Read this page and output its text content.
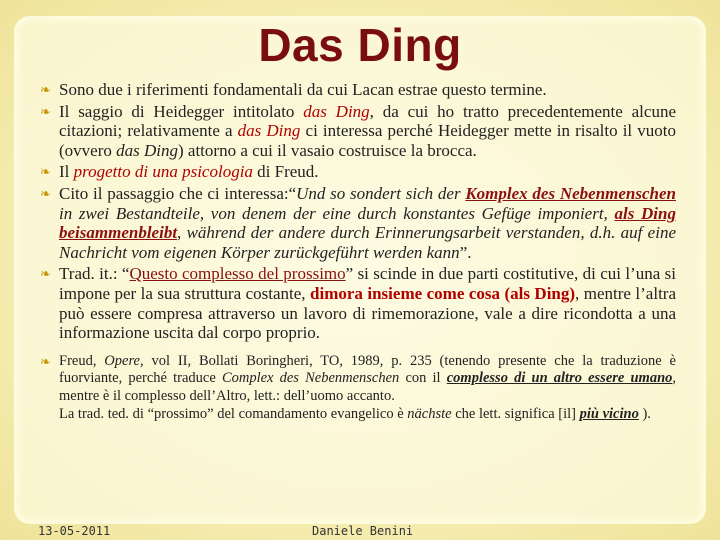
Das Ding
❧ Sono due i riferimenti fondamentali da cui Lacan estrae questo termine.
❧ Il saggio di Heidegger intitolato das Ding, da cui ho tratto precedentemente alcune citazioni; relativamente a das Ding ci interessa perché Heidegger mette in risalto il vuoto (ovvero das Ding) attorno a cui il vasaio costruisce la brocca.
❧ Il progetto di una psicologia di Freud.
❧ Cito il passaggio che ci interessa:“Und so sondert sich der Komplex des Nebenmenschen in zwei Bestandteile, von denem der eine durch konstantes Gefüge imponiert, als Ding beisammenbleibt, während der andere durch Erinnerungsarbeit verstanden, d.h. auf eine Nachricht vom eigenen Körper zurückgeführt werden kann”.
❧ Trad. it.: “Questo complesso del prossimo” si scinde in due parti costitutive, di cui l’una si impone per la sua struttura costante, dimora insieme come cosa (als Ding), mentre l’altra può essere compresa attraverso un lavoro di rimemorazione, vale a dire ricondotta a una informazione uscita dal corpo proprio.
❧ Freud, Opere, vol II, Bollati Boringheri, TO, 1989, p. 235 (tenendo presente che la traduzione è fuorviante, perché traduce Complex des Nebenmenschen con il complesso di un altro essere umano, mentre è il complesso dell’Altro, lett.: dell’uomo accanto.

La trad. ted. di “prossimo” del comandamento evangelico è nächste che lett. significa [il] più vicino ).

13-05-2011	Daniele Benini
